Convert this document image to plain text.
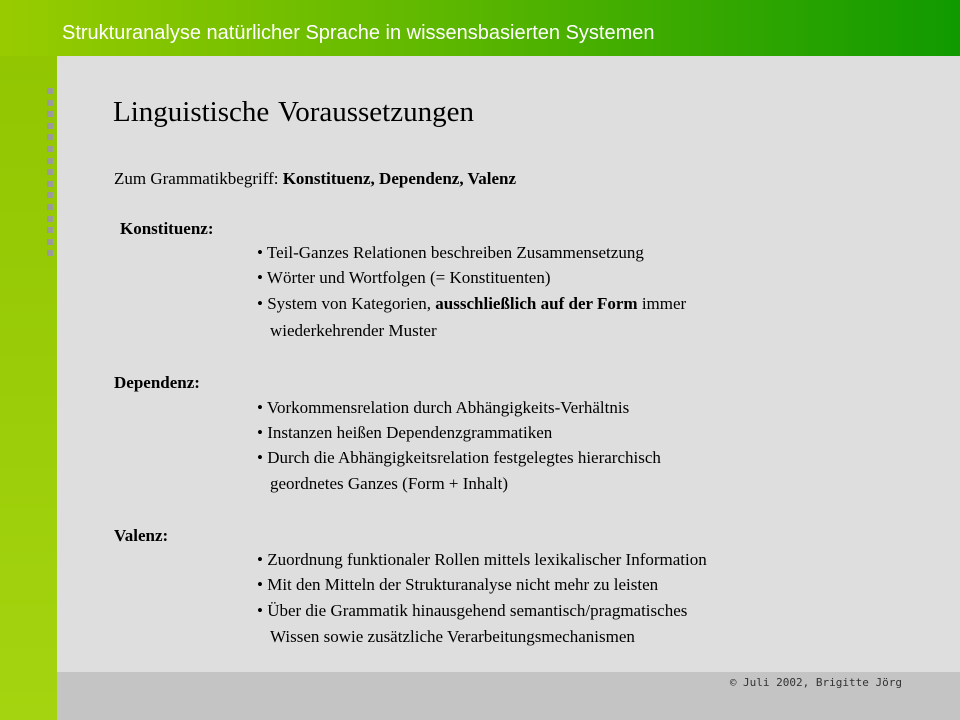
Strukturanalyse natürlicher Sprache in wissensbasierten Systemen
© Juli 2002, Brigitte Jörg
Linguistische Voraussetzungen
Zum Grammatikbegriff: Konstituenz, Dependenz, Valenz
Konstituenz:
• Teil-Ganzes Relationen beschreiben Zusammensetzung
• Wörter und Wortfolgen (= Konstituenten)
• System von Kategorien, ausschließlich auf der Form immer
wiederkehrender Muster
Dependenz:
• Vorkommensrelation durch Abhängigkeits-Verhältnis
• Instanzen heißen Dependenzgrammatiken
• Durch die Abhängigkeitsrelation festgelegtes hierarchisch
geordnetes Ganzes (Form + Inhalt)
Valenz:
• Zuordnung funktionaler Rollen mittels lexikalischer Information
• Mit den Mitteln der Strukturanalyse nicht mehr zu leisten
• Über die Grammatik hinausgehend semantisch/pragmatisches
Wissen sowie zusätzliche Verarbeitungsmechanismen
